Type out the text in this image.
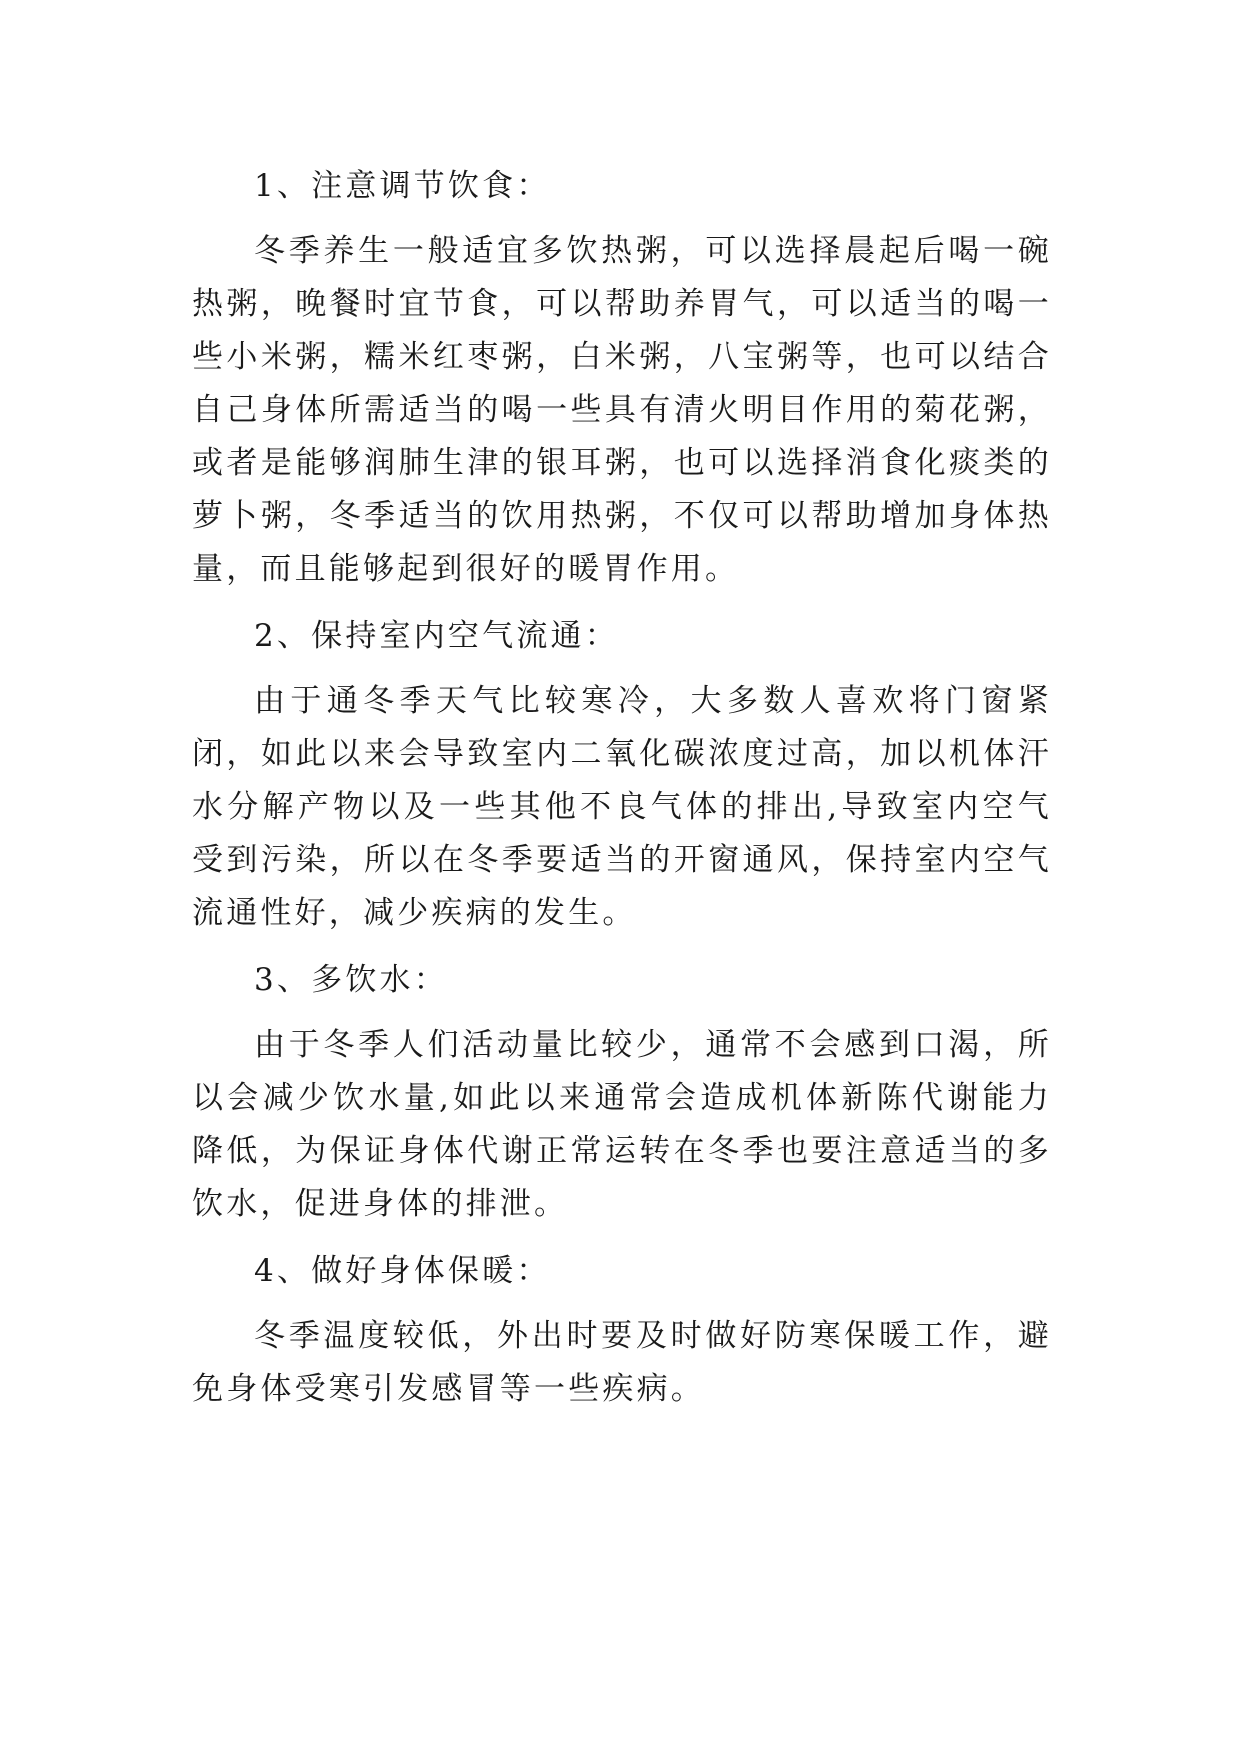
1、注意调节饮食：

冬季养生一般适宜多饮热粥，可以选择晨起后喝一碗热粥，晚餐时宜节食，可以帮助养胃气，可以适当的喝一些小米粥，糯米红枣粥，白米粥，八宝粥等，也可以结合自己身体所需适当的喝一些具有清火明目作用的菊花粥，或者是能够润肺生津的银耳粥，也可以选择消食化痰类的萝卜粥，冬季适当的饮用热粥，不仅可以帮助增加身体热量，而且能够起到很好的暖胃作用。

2、保持室内空气流通：

由于通冬季天气比较寒冷，大多数人喜欢将门窗紧闭，如此以来会导致室内二氧化碳浓度过高，加以机体汗水分解产物以及一些其他不良气体的排出,导致室内空气受到污染，所以在冬季要适当的开窗通风，保持室内空气流通性好，减少疾病的发生。

3、多饮水：

由于冬季人们活动量比较少，通常不会感到口渴，所以会减少饮水量,如此以来通常会造成机体新陈代谢能力降低，为保证身体代谢正常运转在冬季也要注意适当的多饮水，促进身体的排泄。

4、做好身体保暖：

冬季温度较低，外出时要及时做好防寒保暖工作，避免身体受寒引发感冒等一些疾病。
